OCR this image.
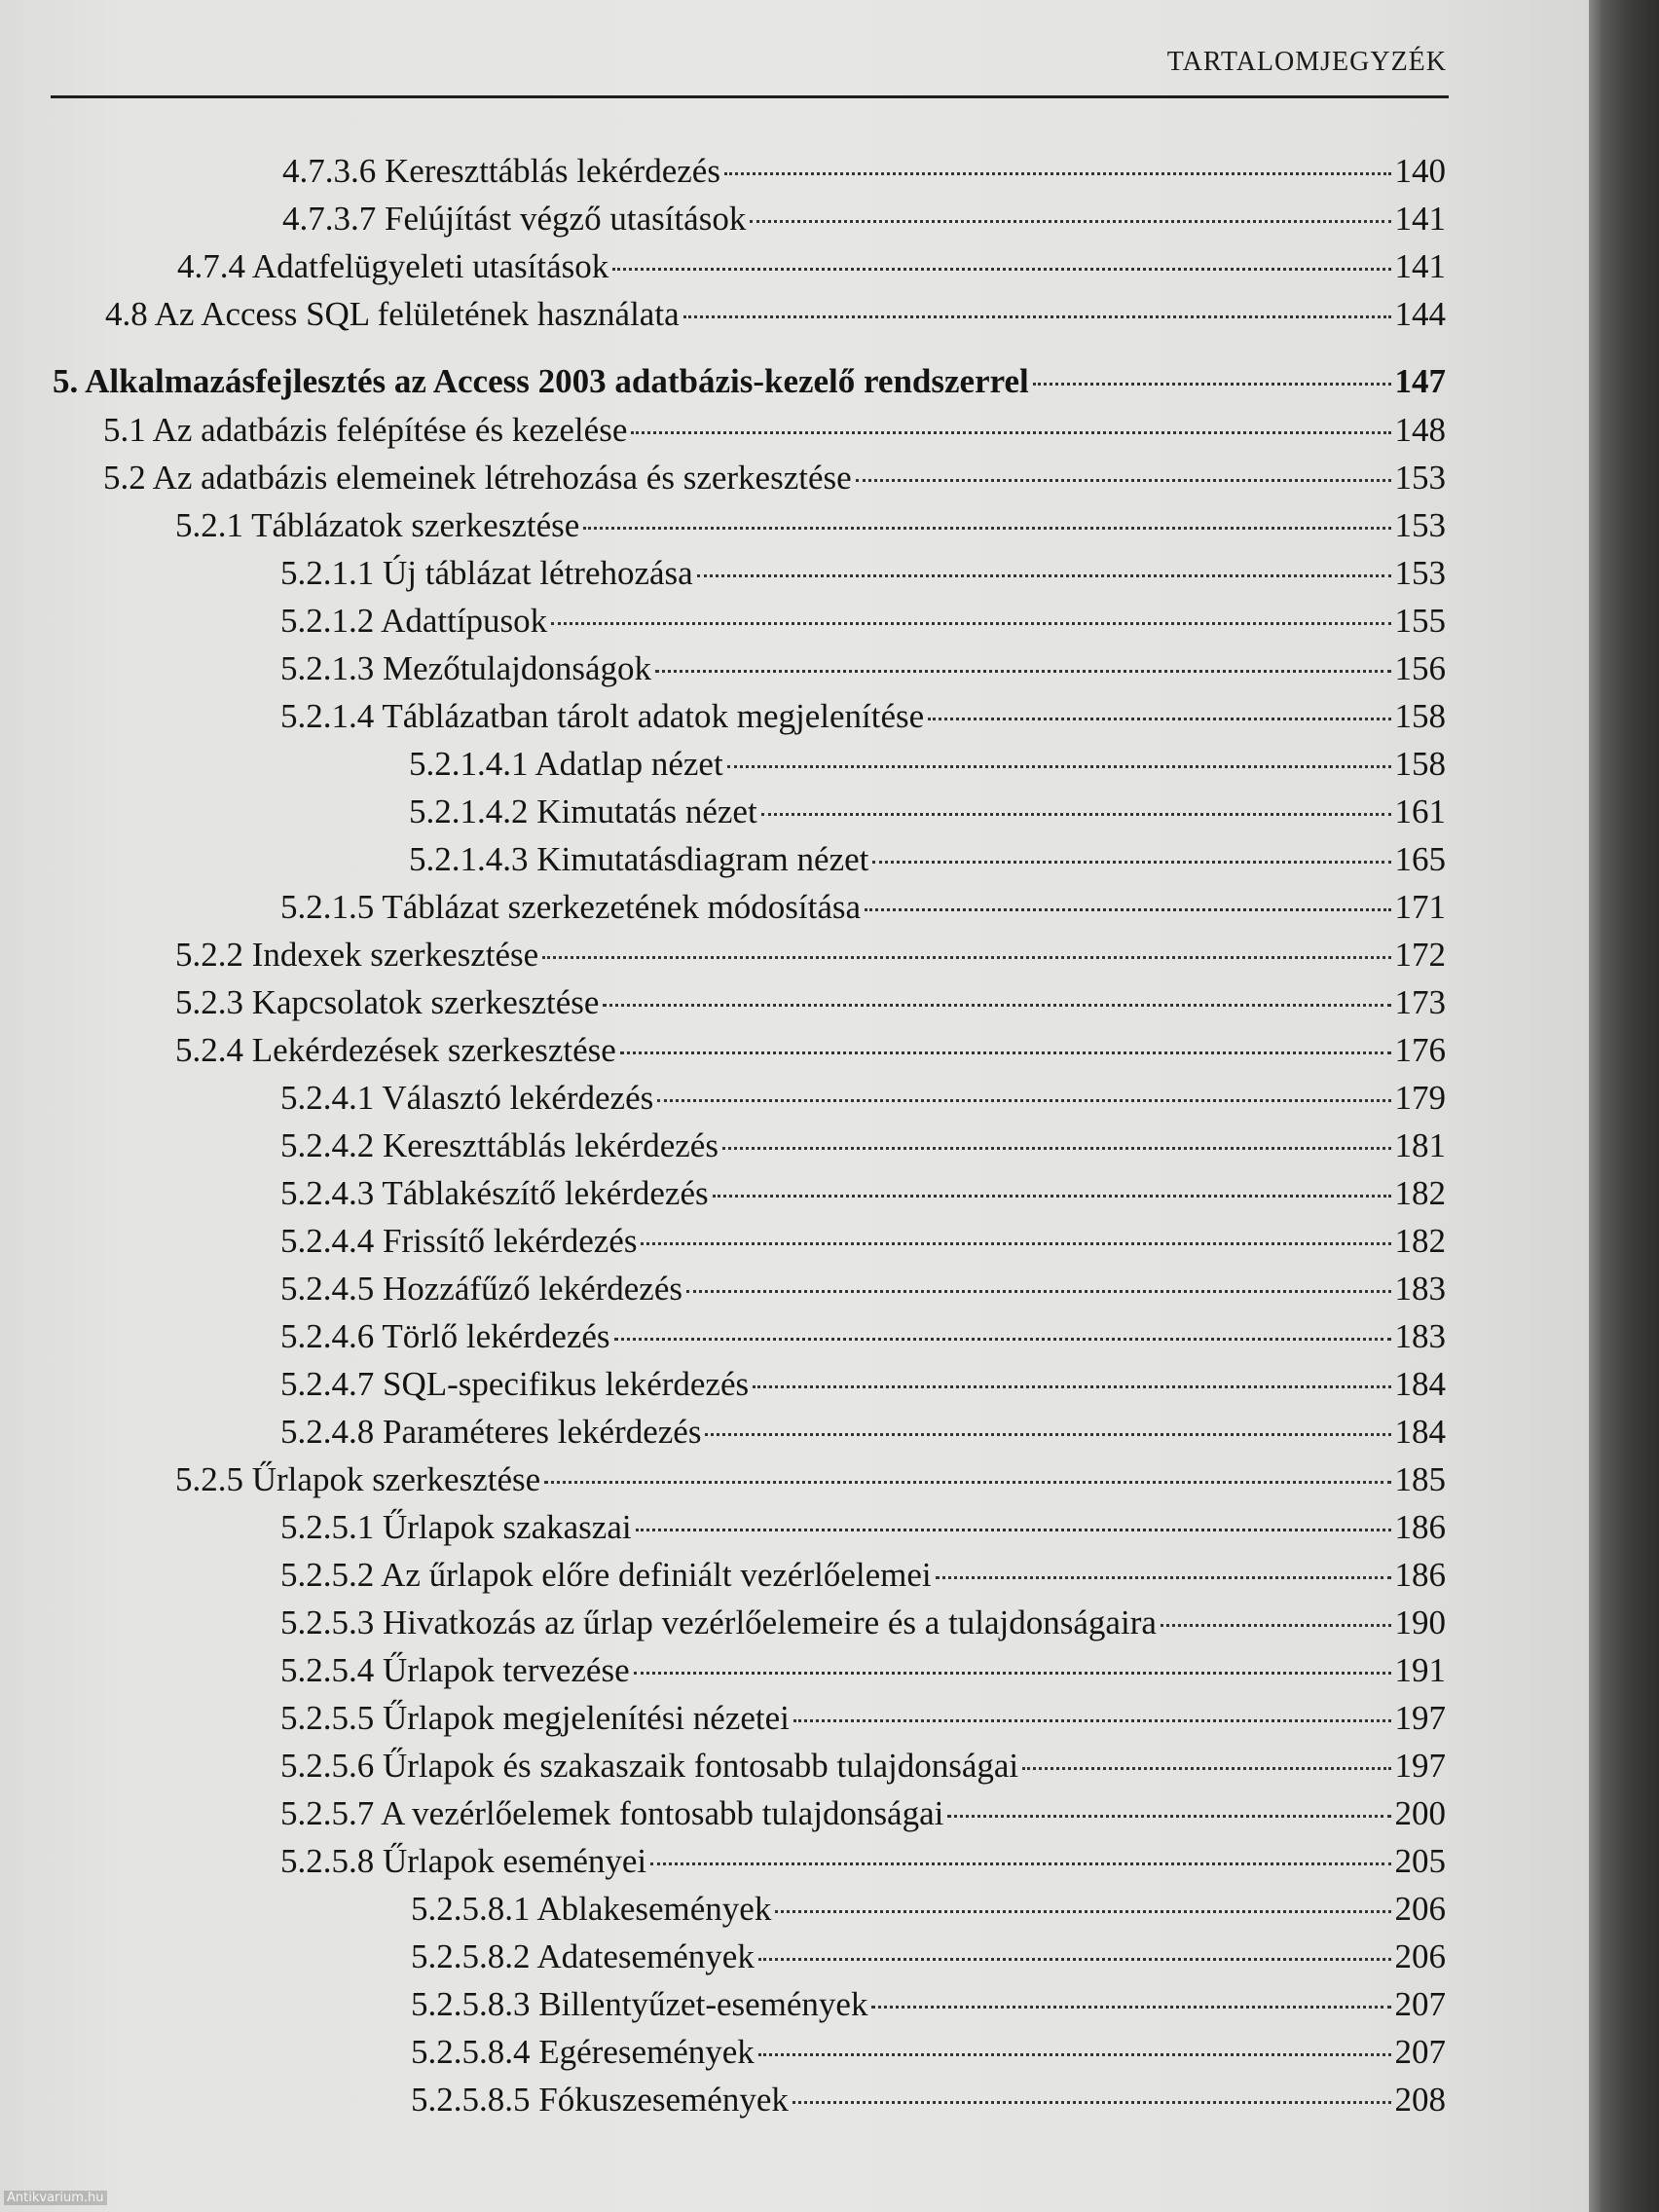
TARTALOMJEGYZÉK
4.7.3.6 Kereszttáblás lekérdezés	140
4.7.3.7 Felújítást végző utasítások	141
4.7.4 Adatfelügyeleti utasítások	141
4.8 Az Access SQL felületének használata	144
5. Alkalmazásfejlesztés az Access 2003 adatbázis-kezelő rendszerrel	147
5.1 Az adatbázis felépítése és kezelése	148
5.2 Az adatbázis elemeinek létrehozása és szerkesztése	153
5.2.1 Táblázatok szerkesztése	153
5.2.1.1 Új táblázat létrehozása	153
5.2.1.2 Adattípusok	155
5.2.1.3 Mezőtulajdonságok	156
5.2.1.4 Táblázatban tárolt adatok megjelenítése	158
5.2.1.4.1 Adatlap nézet	158
5.2.1.4.2 Kimutatás nézet	161
5.2.1.4.3 Kimutatásdiagram nézet	165
5.2.1.5 Táblázat szerkezetének módosítása	171
5.2.2 Indexek szerkesztése	172
5.2.3 Kapcsolatok szerkesztése	173
5.2.4 Lekérdezések szerkesztése	176
5.2.4.1 Választó lekérdezés	179
5.2.4.2 Kereszttáblás lekérdezés	181
5.2.4.3 Táblakészítő lekérdezés	182
5.2.4.4 Frissítő lekérdezés	182
5.2.4.5 Hozzáfűző lekérdezés	183
5.2.4.6 Törlő lekérdezés	183
5.2.4.7 SQL-specifikus lekérdezés	184
5.2.4.8 Paraméteres lekérdezés	184
5.2.5 Űrlapok szerkesztése	185
5.2.5.1 Űrlapok szakaszai	186
5.2.5.2 Az űrlapok előre definiált vezérlőelemei	186
5.2.5.3 Hivatkozás az űrlap vezérlőelemeire és a tulajdonságaira	190
5.2.5.4 Űrlapok tervezése	191
5.2.5.5 Űrlapok megjelenítési nézetei	197
5.2.5.6 Űrlapok és szakaszaik fontosabb tulajdonságai	197
5.2.5.7 A vezérlőelemek fontosabb tulajdonságai	200
5.2.5.8 Űrlapok eseményei	205
5.2.5.8.1 Ablakesemények	206
5.2.5.8.2 Adatesemények	206
5.2.5.8.3 Billentyűzet-események	207
5.2.5.8.4 Egéresemények	207
5.2.5.8.5 Fókuszesemények	208
Antikvarium.hu
